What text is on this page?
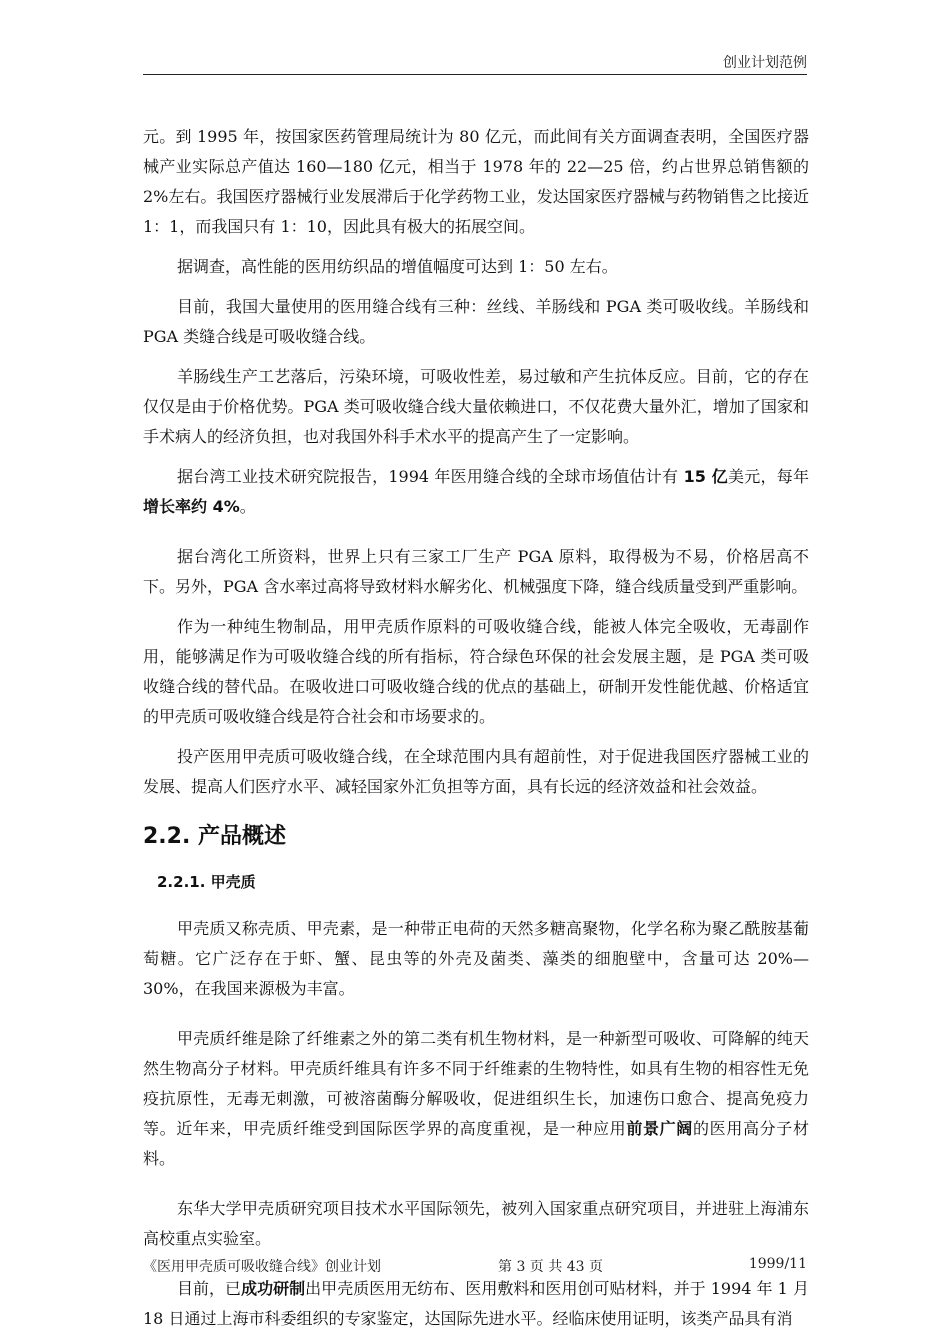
创业计划范例

元。到 1995 年，按国家医药管理局统计为 80 亿元，而此间有关方面调查表明，全国医疗器械产业实际总产值达 160—180 亿元，相当于 1978 年的 22—25 倍，约占世界总销售额的 2%左右。我国医疗器械行业发展滞后于化学药物工业，发达国家医疗器械与药物销售之比接近 1：1，而我国只有 1：10，因此具有极大的拓展空间。

据调查，高性能的医用纺织品的增值幅度可达到 1：50 左右。

目前，我国大量使用的医用缝合线有三种：丝线、羊肠线和 PGA 类可吸收线。羊肠线和 PGA 类缝合线是可吸收缝合线。

羊肠线生产工艺落后，污染环境，可吸收性差，易过敏和产生抗体反应。目前，它的存在仅仅是由于价格优势。PGA 类可吸收缝合线大量依赖进口，不仅花费大量外汇，增加了国家和手术病人的经济负担，也对我国外科手术水平的提高产生了一定影响。

据台湾工业技术研究院报告，1994 年医用缝合线的全球市场值估计有 15 亿美元，每年增长率约 4%。

据台湾化工所资料，世界上只有三家工厂生产 PGA 原料，取得极为不易，价格居高不下。另外，PGA 含水率过高将导致材料水解劣化、机械强度下降，缝合线质量受到严重影响。

作为一种纯生物制品，用甲壳质作原料的可吸收缝合线，能被人体完全吸收，无毒副作用，能够满足作为可吸收缝合线的所有指标，符合绿色环保的社会发展主题，是 PGA 类可吸收缝合线的替代品。在吸收进口可吸收缝合线的优点的基础上，研制开发性能优越、价格适宜的甲壳质可吸收缝合线是符合社会和市场要求的。

投产医用甲壳质可吸收缝合线，在全球范围内具有超前性，对于促进我国医疗器械工业的发展、提高人们医疗水平、减轻国家外汇负担等方面，具有长远的经济效益和社会效益。

2.2. 产品概述
2.2.1. 甲壳质

甲壳质又称壳质、甲壳素，是一种带正电荷的天然多糖高聚物，化学名称为聚乙酰胺基葡萄糖。它广泛存在于虾、蟹、昆虫等的外壳及菌类、藻类的细胞壁中，含量可达 20%—30%，在我国来源极为丰富。

甲壳质纤维是除了纤维素之外的第二类有机生物材料，是一种新型可吸收、可降解的纯天然生物高分子材料。甲壳质纤维具有许多不同于纤维素的生物特性，如具有生物的相容性无免疫抗原性，无毒无刺激，可被溶菌酶分解吸收，促进组织生长，加速伤口愈合、提高免疫力等。近年来，甲壳质纤维受到国际医学界的高度重视，是一种应用前景广阔的医用高分子材料。

东华大学甲壳质研究项目技术水平国际领先，被列入国家重点研究项目，并进驻上海浦东高校重点实验室。

目前，已成功研制出甲壳质医用无纺布、医用敷料和医用创可贴材料，并于 1994 年 1 月 18 日通过上海市科委组织的专家鉴定，达国际先进水平。经临床使用证明，该类产品具有消

《医用甲壳质可吸收缝合线》创业计划	第 3 页 共 43 页	1999/11
